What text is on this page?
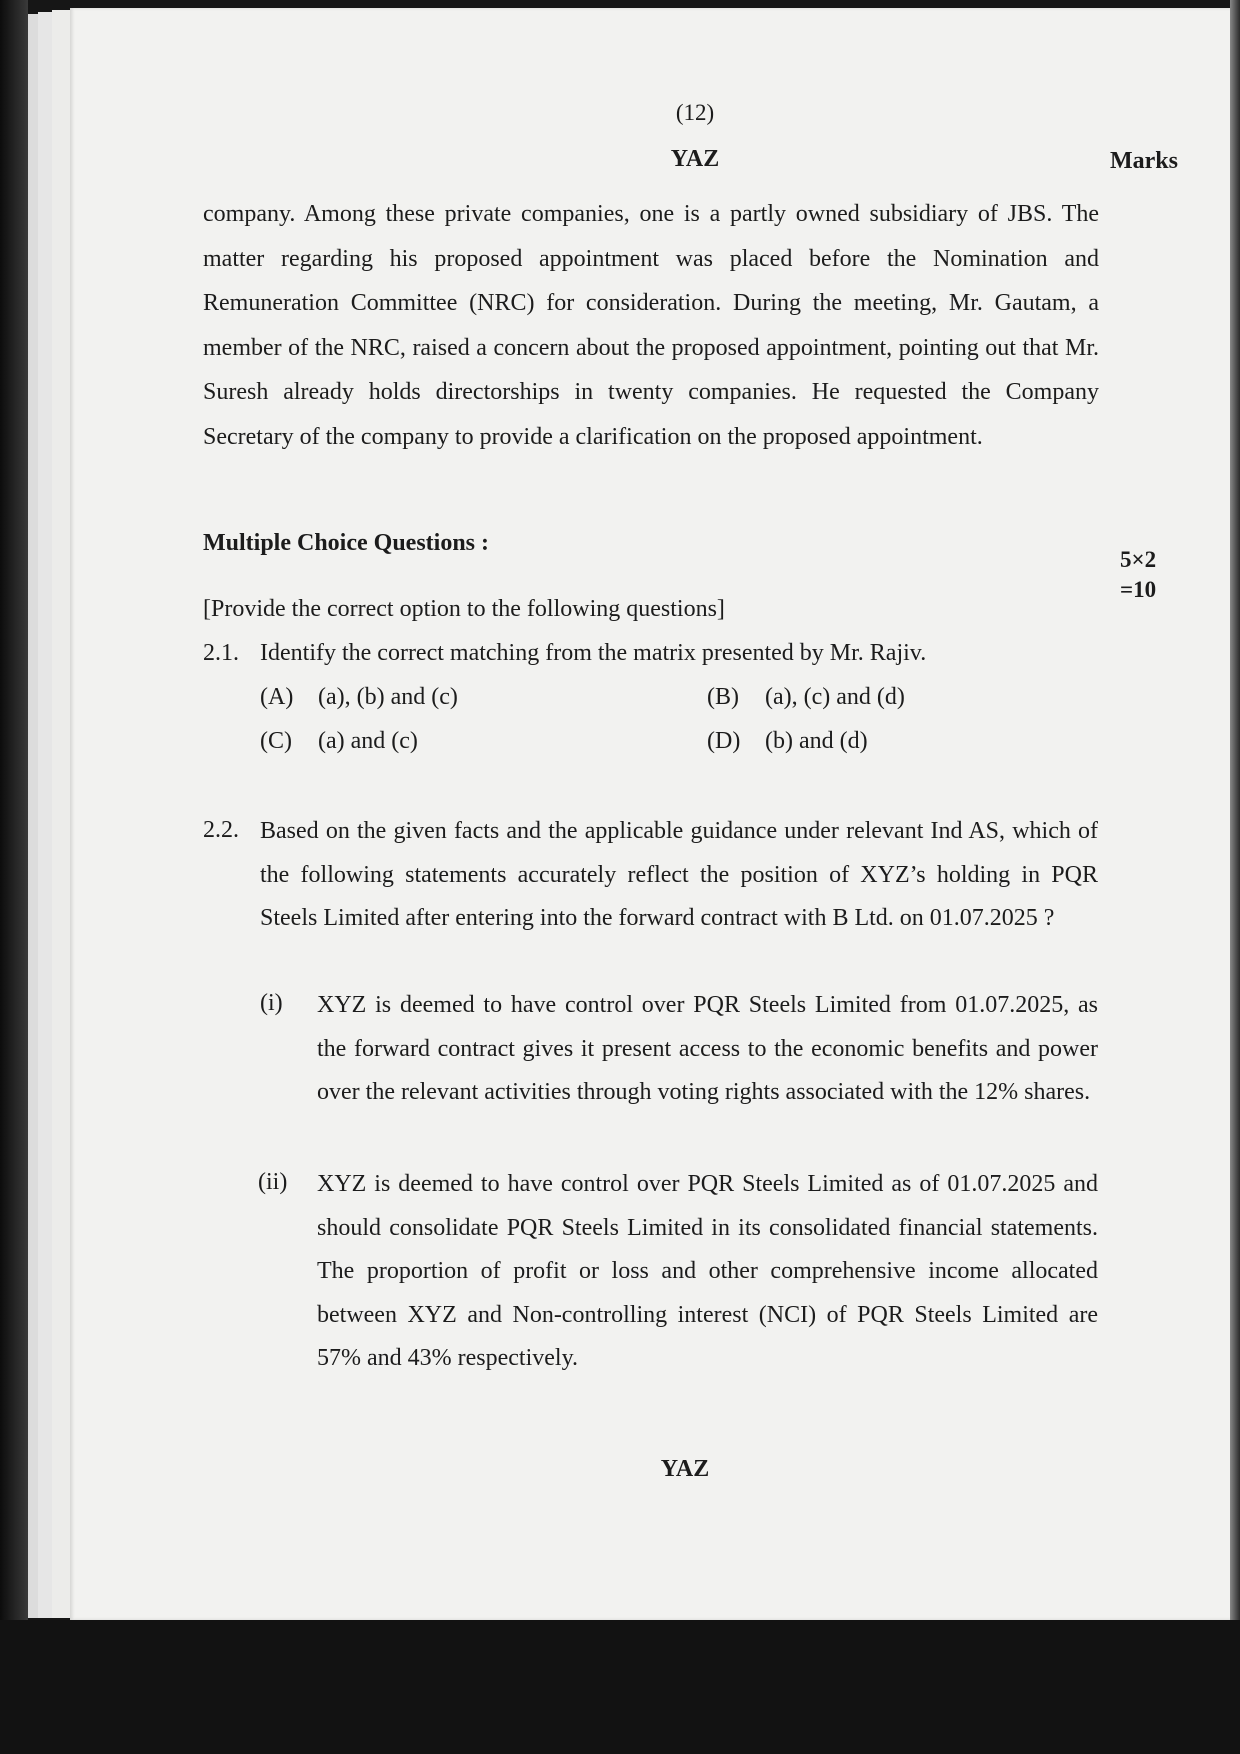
(12)
YAZ	Marks

company. Among these private companies, one is a partly owned subsidiary of JBS. The matter regarding his proposed appointment was placed before the Nomination and Remuneration Committee (NRC) for consideration. During the meeting, Mr. Gautam, a member of the NRC, raised a concern about the proposed appointment, pointing out that Mr. Suresh already holds directorships in twenty companies. He requested the Company Secretary of the company to provide a clarification on the proposed appointment.

Multiple Choice Questions :
5×2
=10
[Provide the correct option to the following questions]
2.1. Identify the correct matching from the matrix presented by Mr. Rajiv.
(A) (a), (b) and (c)	(B) (a), (c) and (d)
(C) (a) and (c)	(D) (b) and (d)
2.2. Based on the given facts and the applicable guidance under relevant Ind AS, which of the following statements accurately reflect the position of XYZ’s holding in PQR Steels Limited after entering into the forward contract with B Ltd. on 01.07.2025 ?

(i) XYZ is deemed to have control over PQR Steels Limited from 01.07.2025, as the forward contract gives it present access to the economic benefits and power over the relevant activities through voting rights associated with the 12% shares.

(ii) XYZ is deemed to have control over PQR Steels Limited as of 01.07.2025 and should consolidate PQR Steels Limited in its consolidated financial statements. The proportion of profit or loss and other comprehensive income allocated between XYZ and Non-controlling interest (NCI) of PQR Steels Limited are 57% and 43% respectively.

YAZ
